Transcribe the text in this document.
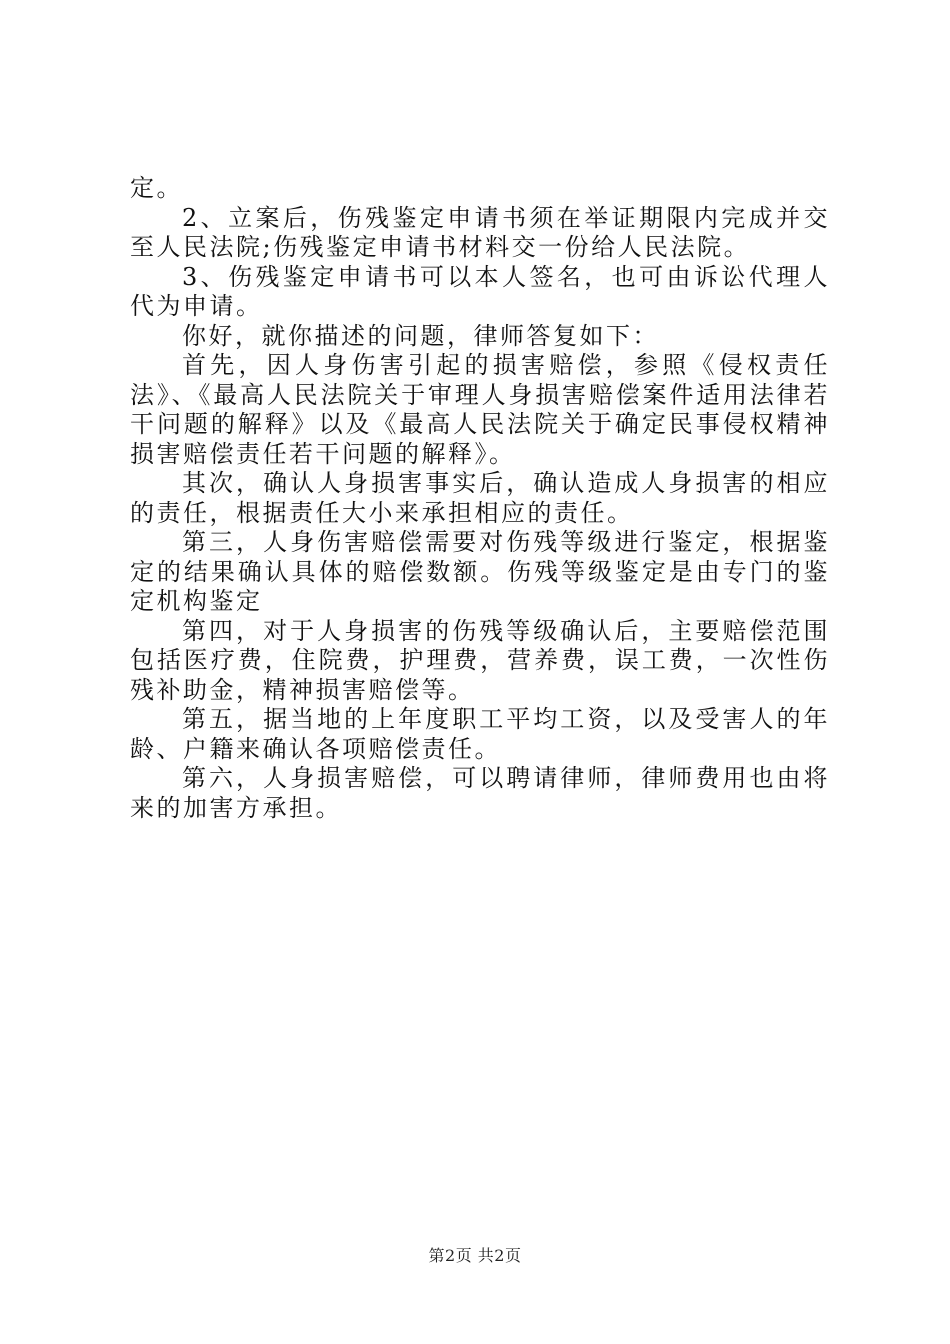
定。

2、立案后，伤残鉴定申请书须在举证期限内完成并交至人民法院;伤残鉴定申请书材料交一份给人民法院。

3、伤残鉴定申请书可以本人签名，也可由诉讼代理人代为申请。

你好，就你描述的问题，律师答复如下：

首先，因人身伤害引起的损害赔偿，参照《侵权责任法》、《最高人民法院关于审理人身损害赔偿案件适用法律若干问题的解释》以及《最高人民法院关于确定民事侵权精神损害赔偿责任若干问题的解释》。

其次，确认人身损害事实后，确认造成人身损害的相应的责任，根据责任大小来承担相应的责任。

第三，人身伤害赔偿需要对伤残等级进行鉴定，根据鉴定的结果确认具体的赔偿数额。伤残等级鉴定是由专门的鉴定机构鉴定

第四，对于人身损害的伤残等级确认后，主要赔偿范围包括医疗费，住院费，护理费，营养费，误工费，一次性伤残补助金，精神损害赔偿等。

第五，据当地的上年度职工平均工资，以及受害人的年龄、户籍来确认各项赔偿责任。

第六，人身损害赔偿，可以聘请律师，律师费用也由将来的加害方承担。

第2页 共2页
